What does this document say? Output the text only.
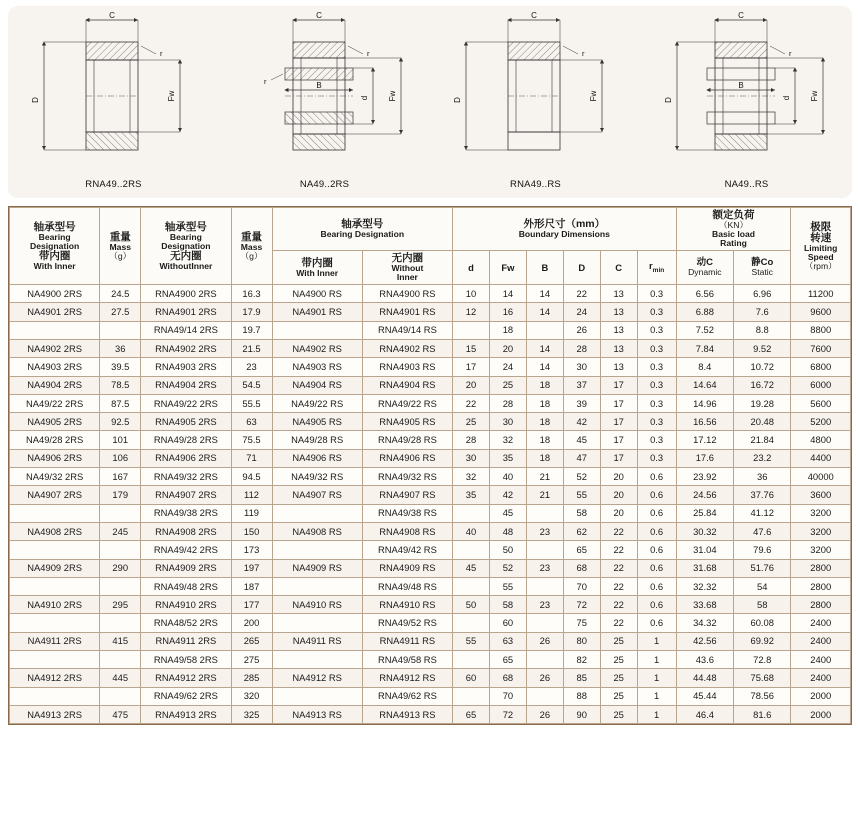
C
r
D	Fw
RNA49..2RS
C
B
r
r
d Fw
NA49..2RS
C
r
D	Fw
RNA49..RS
C
B
r
d
D	Fw
NA49..RS
轴承型号
Bearing
Designation
带内圈
With Inner	重量
Mass
（g）	轴承型号
Bearing
Designation
无内圈
WithoutInner	重量
Mass
（g）	轴承型号
Bearing Designation		外形尺寸（mm）
Boundary Dimensions						额定负荷
（KN）
Basic load
Rating		极限
转速
Limiting
Speed
（rpm）

				带内圈
With Inner	无内圈
Without
Inner	d	Fw	B	D	C	$r_{min}$	动C
Dynamic	静Co
Static	

NA4900 2RS	24.5	RNA4900 2RS	16.3	NA4900 RS	RNA4900 RS	10	14	14	22	13	0.3	6.56	6.96	11200
NA4901 2RS	27.5	RNA4901 2RS	17.9	NA4901 RS	RNA4901 RS	12	16	14	24	13	0.3	6.88	7.6	9600
		RNA49/14 2RS	19.7		RNA49/14 RS		18		26	13	0.3	7.52	8.8	8800
NA4902 2RS	36	RNA4902 2RS	21.5	NA4902 RS	RNA4902 RS	15	20	14	28	13	0.3	7.84	9.52	7600
NA4903 2RS	39.5	RNA4903 2RS	23	NA4903 RS	RNA4903 RS	17	24	14	30	13	0.3	8.4	10.72	6800
NA4904 2RS	78.5	RNA4904 2RS	54.5	NA4904 RS	RNA4904 RS	20	25	18	37	17	0.3	14.64	16.72	6000
NA49/22 2RS	87.5	RNA49/22 2RS	55.5	NA49/22 RS	RNA49/22 RS	22	28	18	39	17	0.3	14.96	19.28	5600
NA4905 2RS	92.5	RNA4905 2RS	63	NA4905 RS	RNA4905 RS	25	30	18	42	17	0.3	16.56	20.48	5200
NA49/28 2RS	101	RNA49/28 2RS	75.5	NA49/28 RS	RNA49/28 RS	28	32	18	45	17	0.3	17.12	21.84	4800
NA4906 2RS	106	RNA4906 2RS	71	NA4906 RS	RNA4906 RS	30	35	18	47	17	0.3	17.6	23.2	4400
NA49/32 2RS	167	RNA49/32 2RS	94.5	NA49/32 RS	RNA49/32 RS	32	40	21	52	20	0.6	23.92	36	40000
NA4907 2RS	179	RNA4907 2RS	112	NA4907 RS	RNA4907 RS	35	42	21	55	20	0.6	24.56	37.76	3600
		RNA49/38 2RS	119		RNA49/38 RS		45		58	20	0.6	25.84	41.12	3200
NA4908 2RS	245	RNA4908 2RS	150	NA4908 RS	RNA4908 RS	40	48	23	62	22	0.6	30.32	47.6	3200
		RNA49/42 2RS	173		RNA49/42 RS		50		65	22	0.6	31.04	79.6	3200
NA4909 2RS	290	RNA4909 2RS	197	NA4909 RS	RNA4909 RS	45	52	23	68	22	0.6	31.68	51.76	2800
		RNA49/48 2RS	187		RNA49/48 RS		55		70	22	0.6	32.32	54	2800
NA4910 2RS	295	RNA4910 2RS	177	NA4910 RS	RNA4910 RS	50	58	23	72	22	0.6	33.68	58	2800
		RNA48/52 2RS	200		RNA49/52 RS		60		75	22	0.6	34.32	60.08	2400
NA4911 2RS	415	RNA4911 2RS	265	NA4911 RS	RNA4911 RS	55	63	26	80	25	1	42.56	69.92	2400
		RNA49/58 2RS	275		RNA49/58 RS		65		82	25	1	43.6	72.8	2400
NA4912 2RS	445	RNA4912 2RS	285	NA4912 RS	RNA4912 RS	60	68	26	85	25	1	44.48	75.68	2400
		RNA49/62 2RS	320		RNA49/62 RS		70		88	25	1	45.44	78.56	2000
NA4913 2RS	475	RNA4913 2RS	325	NA4913 RS	RNA4913 RS	65	72	26	90	25	1	46.4	81.6	2000
